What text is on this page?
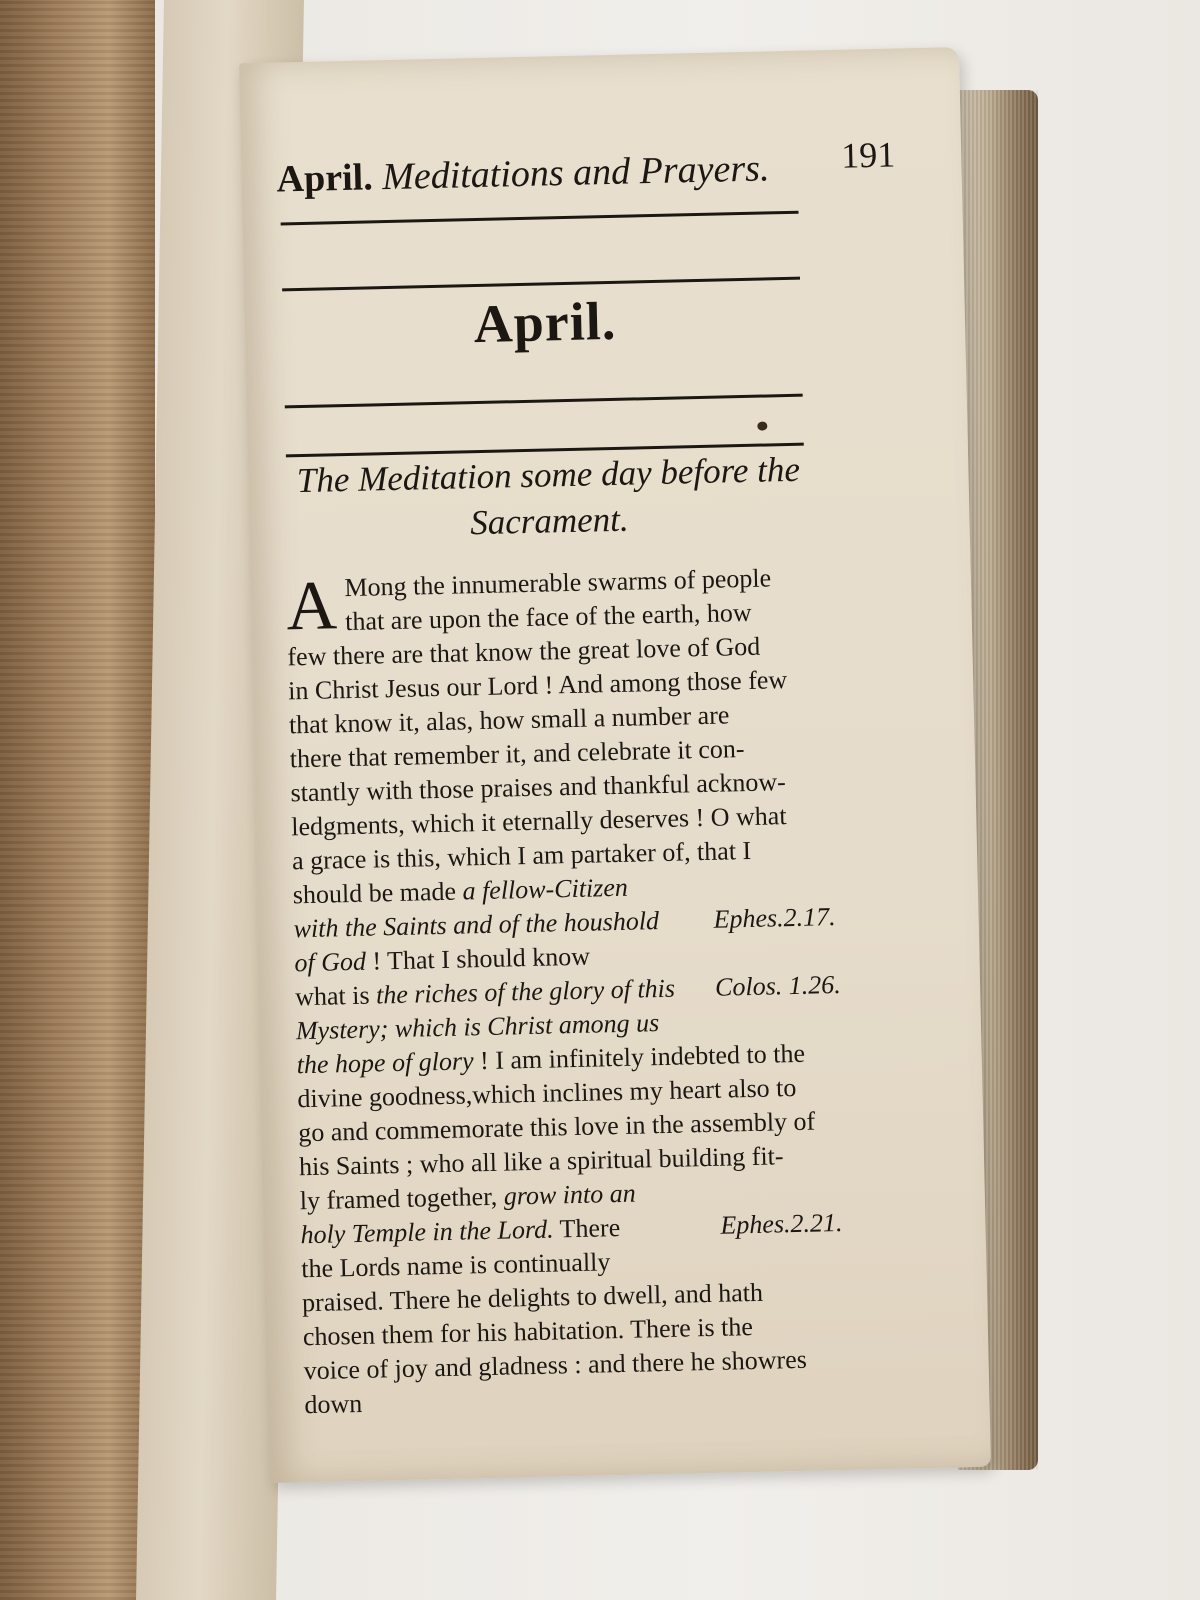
April. Meditations and Prayers.	191
April.
The Meditation some day before the
Sacrament.
A Mong the innumerable swarms of people
that are upon the face of the earth, how
few there are that know the great love of God
in Christ Jesus our Lord ! And among those few
that know it, alas, how small a number are
there that remember it, and celebrate it con-
stantly with those praises and thankful acknow-
ledgments, which it eternally deserves ! O what
a grace is this, which I am partaker of, that I
should be made a fellow-Citizen
with the Saints and of the houshold Ephes.2.17.
of God ! That I should know
what is the riches of the glory of this Colos. 1.26.
Mystery; which is Christ among us
the hope of glory ! I am infinitely indebted to the
divine goodness,which inclines my heart also to
go and commemorate this love in the assembly of
his Saints ; who all like a spiritual building fit-
ly framed together, grow into an
holy Temple in the Lord. There	Ephes.2.21.
the Lords name is continually
praised. There he delights to dwell, and hath
chosen them for his habitation. There is the
voice of joy and gladness : and there he showres

down
